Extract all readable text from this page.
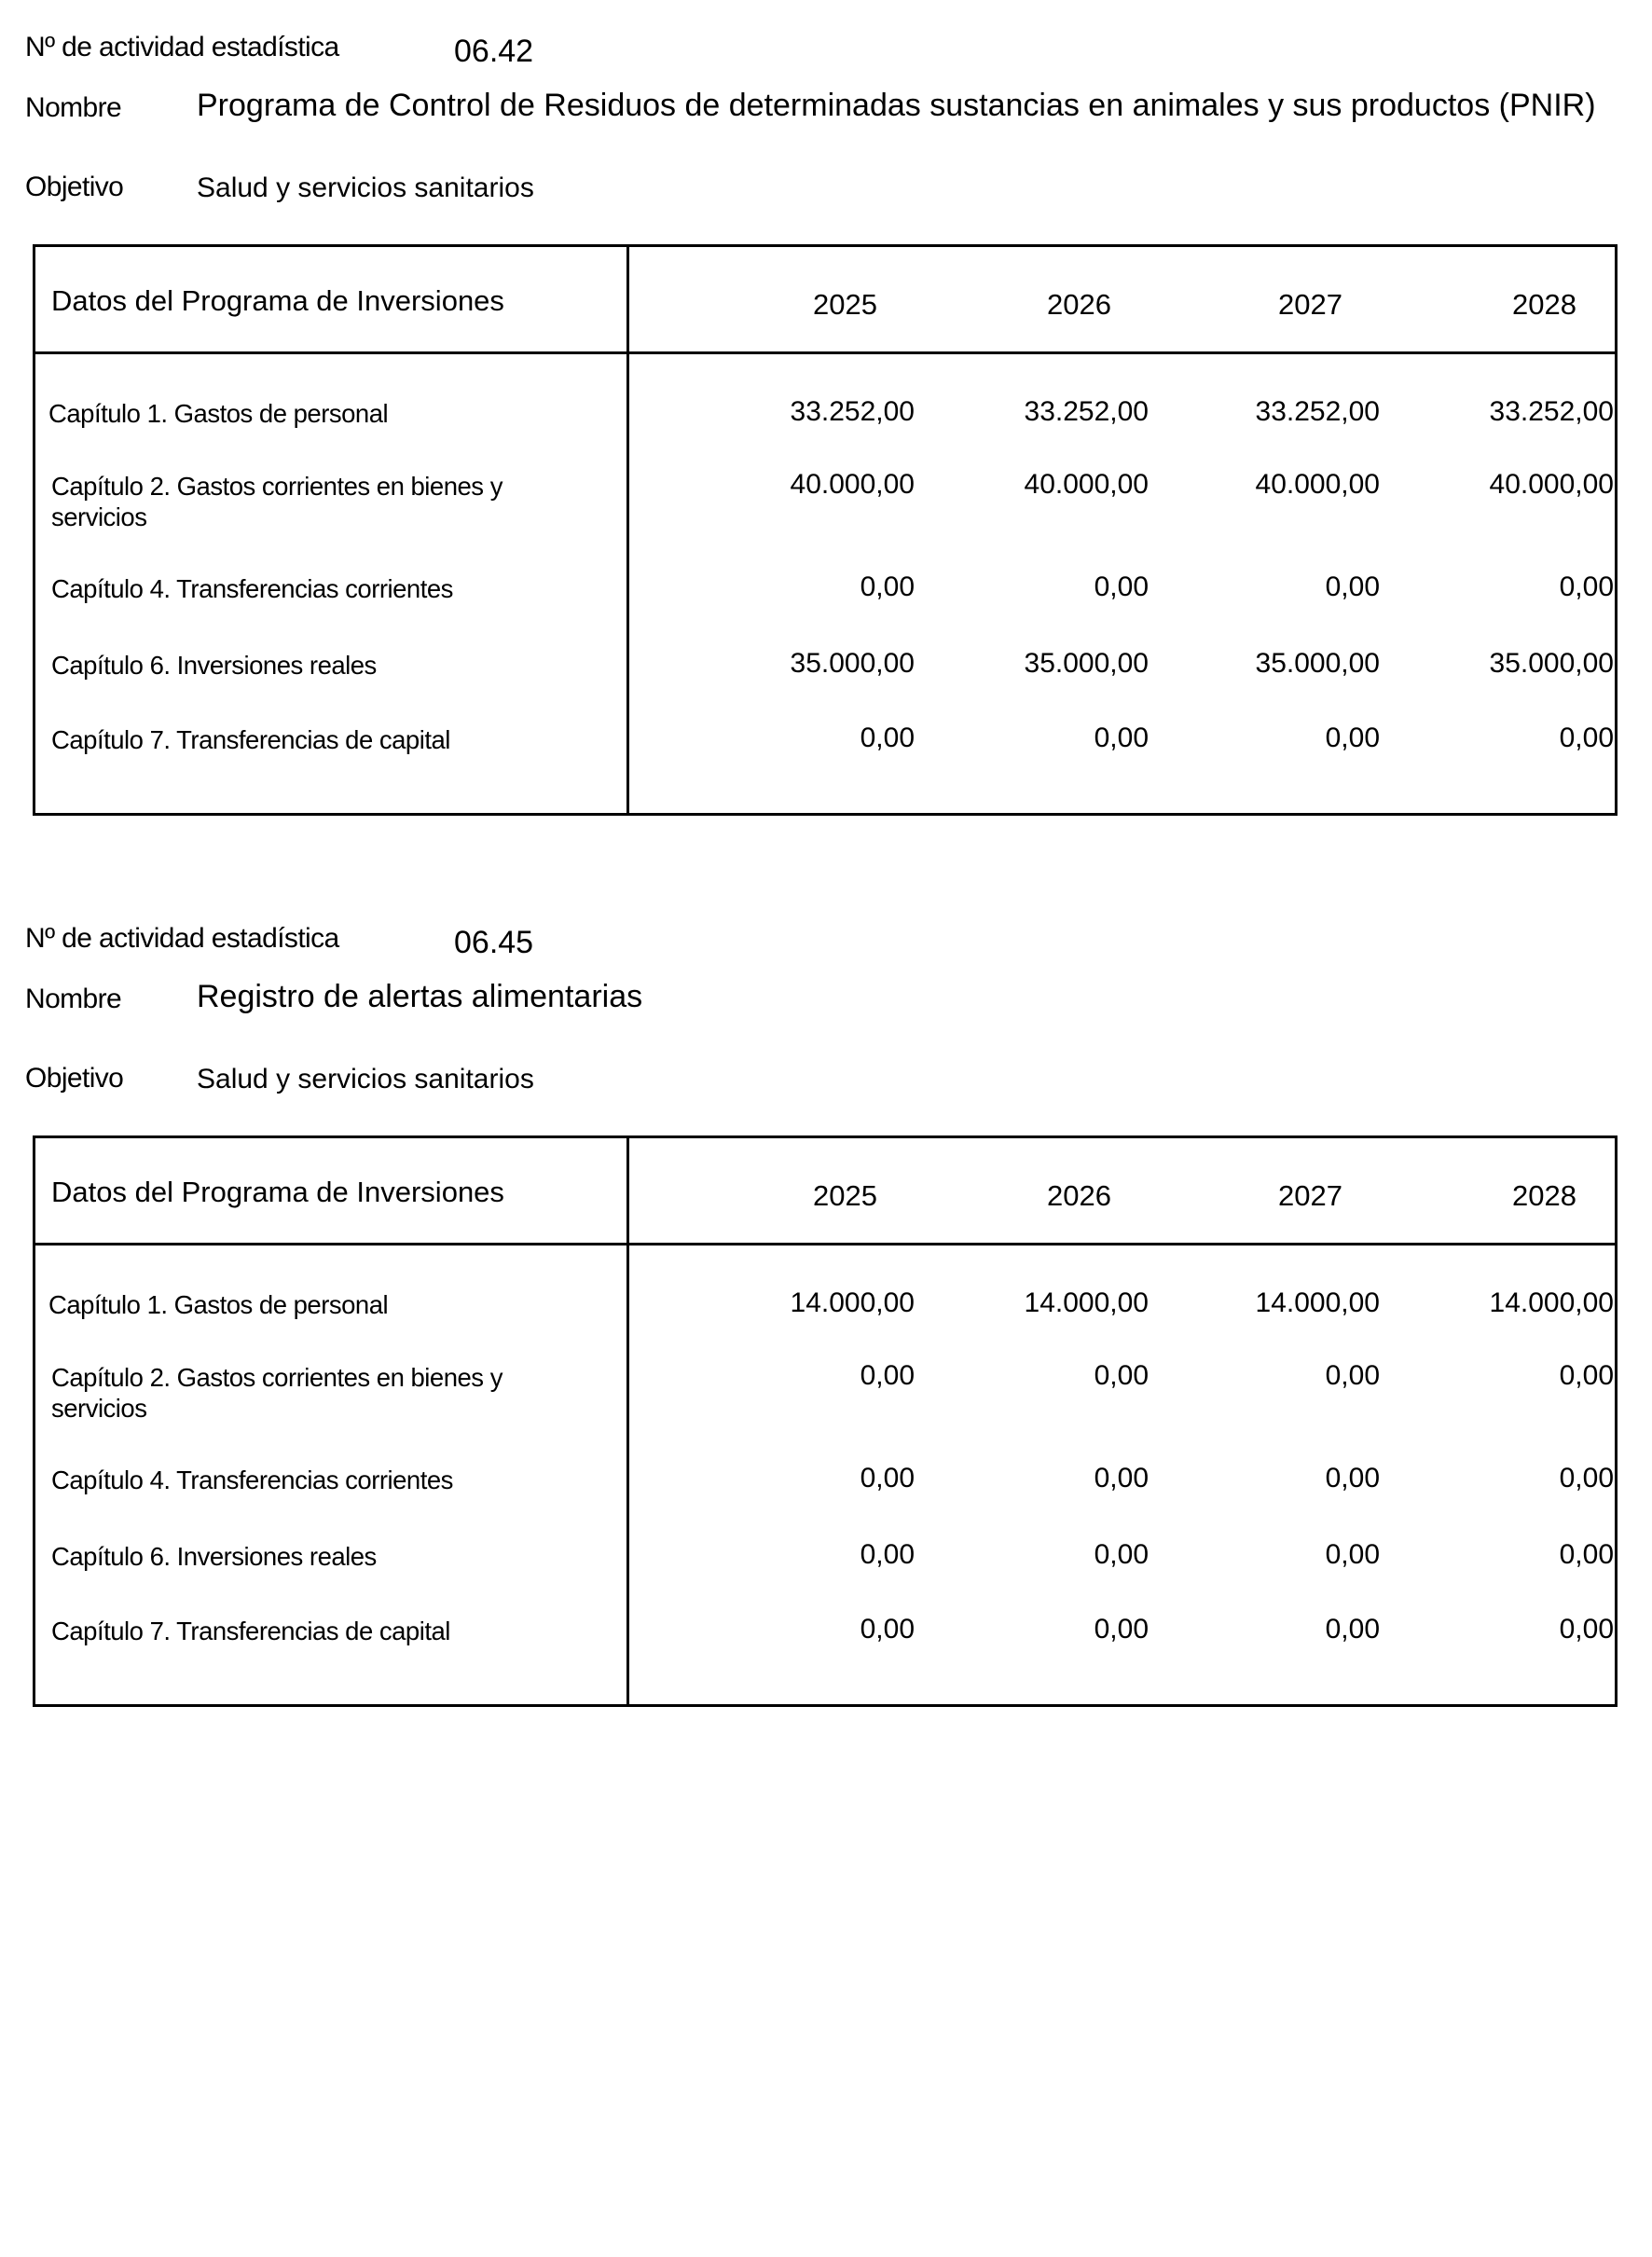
Nº de actividad estadística	06.42
Nombre Programa de Control de Residuos de determinadas sustancias en animales y sus productos (PNIR)
Objetivo	Salud y servicios sanitarios
Datos del Programa de Inversiones	2025	2026	2027	2028
Capítulo 1. Gastos de personal	33.252,00	33.252,00	33.252,00	33.252,00
Capítulo 2. Gastos corrientes en bienes y servicios
40.000,00	40.000,00	40.000,00	40.000,00
Capítulo 4. Transferencias corrientes	0,00	0,00	0,00	0,00
Capítulo 6. Inversiones reales	35.000,00	35.000,00	35.000,00	35.000,00
Capítulo 7. Transferencias de capital	0,00	0,00	0,00	0,00
Nº de actividad estadística	06.45
Nombre Registro de alertas alimentarias
Objetivo	Salud y servicios sanitarios
Datos del Programa de Inversiones	2025	2026	2027	2028
Capítulo 1. Gastos de personal	14.000,00	14.000,00	14.000,00	14.000,00
Capítulo 2. Gastos corrientes en bienes y servicios
0,00	0,00	0,00	0,00
Capítulo 4. Transferencias corrientes	0,00	0,00	0,00	0,00
Capítulo 6. Inversiones reales	0,00	0,00	0,00	0,00
Capítulo 7. Transferencias de capital	0,00	0,00	0,00	0,00
